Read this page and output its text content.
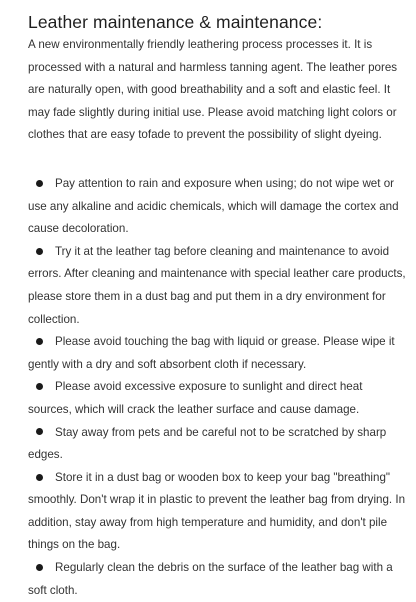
Leather maintenance & maintenance:

A new environmentally friendly leathering process processes it. It is processed with a natural and harmless tanning agent. The leather pores are naturally open, with good breathability and a soft and elastic feel. It may fade slightly during initial use. Please avoid matching light colors or clothes that are easy tofade to prevent the possibility of slight dyeing.

Pay attention to rain and exposure when using; do not wipe wet or use any alkaline and acidic chemicals, which will damage the cortex and cause decoloration.
Try it at the leather tag before cleaning and maintenance to avoid errors. After cleaning and maintenance with special leather care products, please store them in a dust bag and put them in a dry environment for collection.
Please avoid touching the bag with liquid or grease. Please wipe it gently with a dry and soft absorbent cloth if necessary.
Please avoid excessive exposure to sunlight and direct heat sources, which will crack the leather surface and cause damage.
Stay away from pets and be careful not to be scratched by sharp edges.
Store it in a dust bag or wooden box to keep your bag "breathing" smoothly. Don't wrap it in plastic to prevent the leather bag from drying. In addition, stay away from high temperature and humidity, and don't pile things on the bag.
Regularly clean the debris on the surface of the leather bag with a soft cloth.
